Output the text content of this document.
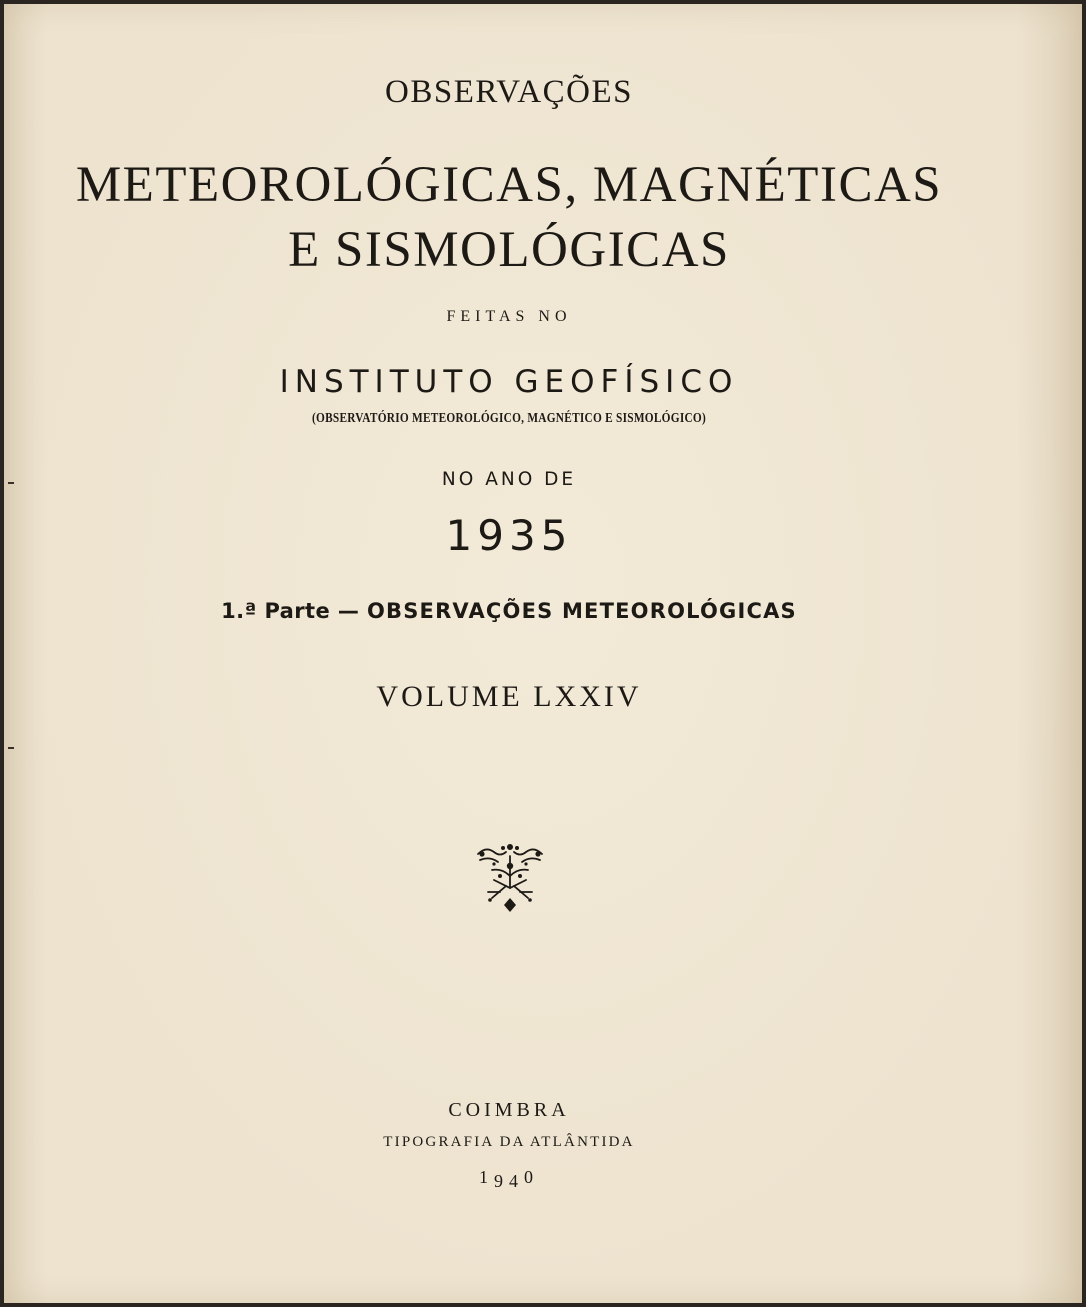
OBSERVAÇÕES
METEOROLÓGICAS, MAGNÉTICAS
E SISMOLÓGICAS
FEITAS NO
INSTITUTO GEOFÍSICO
(OBSERVATÓRIO METEOROLÓGICO, MAGNÉTICO E SISMOLÓGICO)
NO ANO DE
1935
1.ª Parte — OBSERVAÇÕES METEOROLÓGICAS
VOLUME LXXIV
COIMBRA
TIPOGRAFIA DA ATLÂNTIDA
1940
